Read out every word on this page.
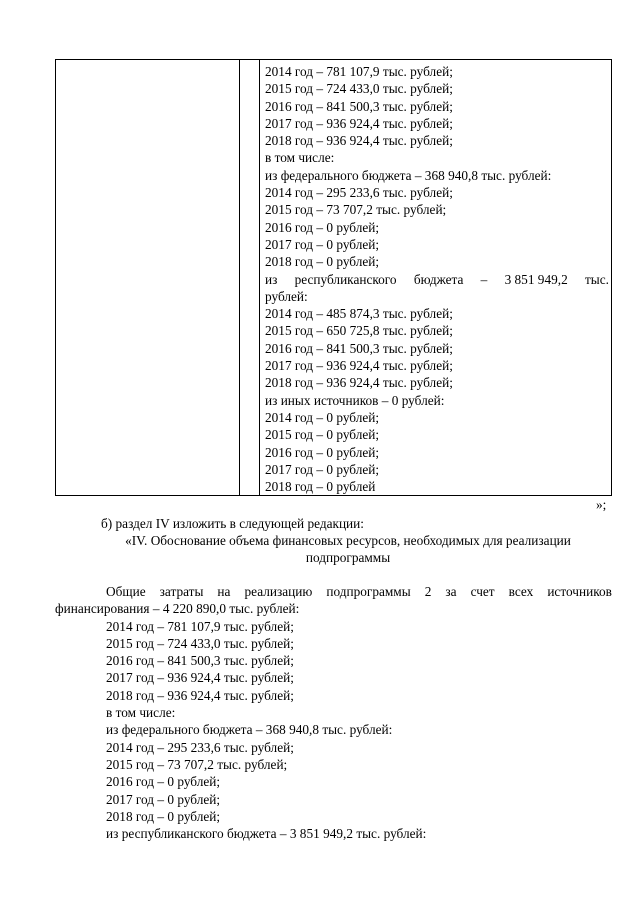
2014 год – 781 107,9 тыс. рублей;
2015 год – 724 433,0 тыс. рублей;
2016 год – 841 500,3 тыс. рублей;
2017 год – 936 924,4 тыс. рублей;
2018 год – 936 924,4 тыс. рублей;
в том числе:
из федерального бюджета – 368 940,8 тыс. рублей:
2014 год – 295 233,6 тыс. рублей;
2015 год – 73 707,2 тыс. рублей;
2016 год – 0 рублей;
2017 год – 0 рублей;
2018 год – 0 рублей;
из республиканского бюджета – 3 851 949,2 тыс.
рублей:
2014 год – 485 874,3 тыс. рублей;
2015 год – 650 725,8 тыс. рублей;
2016 год – 841 500,3 тыс. рублей;
2017 год – 936 924,4 тыс. рублей;
2018 год – 936 924,4 тыс. рублей;
из иных источников – 0 рублей:
2014 год – 0 рублей;
2015 год – 0 рублей;
2016 год – 0 рублей;
2017 год – 0 рублей;
2018 год – 0 рублей
»;
б) раздел IV изложить в следующей редакции:
«IV. Обоснование объема финансовых ресурсов, необходимых для реализации
подпрограммы
Общие затраты на реализацию подпрограммы 2 за счет всех источников
финансирования – 4 220 890,0 тыс. рублей:
2014 год – 781 107,9 тыс. рублей;
2015 год – 724 433,0 тыс. рублей;
2016 год – 841 500,3 тыс. рублей;
2017 год – 936 924,4 тыс. рублей;
2018 год – 936 924,4 тыс. рублей;
в том числе:
из федерального бюджета – 368 940,8 тыс. рублей:
2014 год – 295 233,6 тыс. рублей;
2015 год – 73 707,2 тыс. рублей;
2016 год – 0 рублей;
2017 год – 0 рублей;
2018 год – 0 рублей;
из республиканского бюджета – 3 851 949,2 тыс. рублей:
